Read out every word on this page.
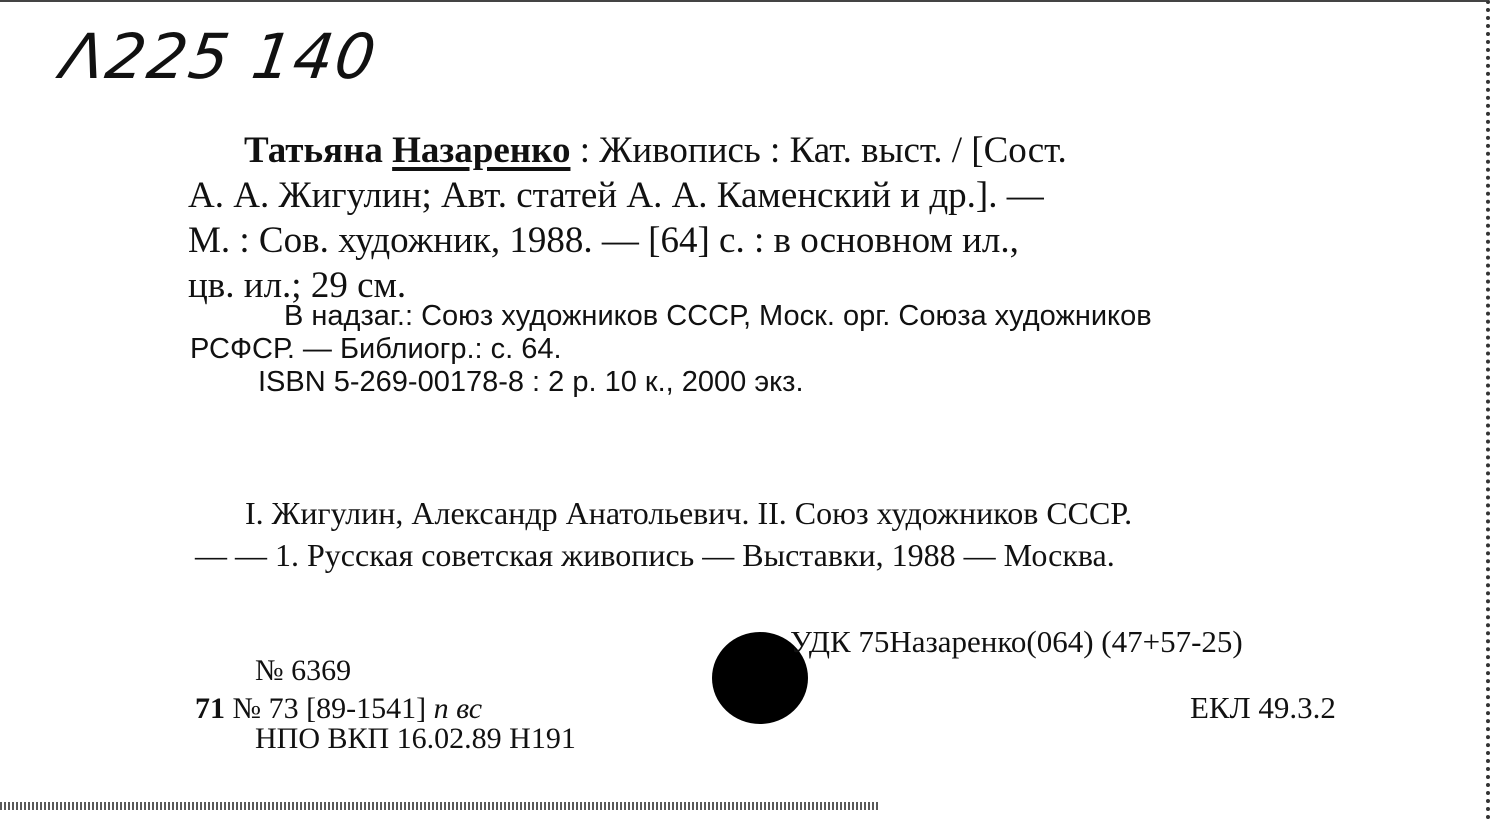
Λ225 140
Татьяна Назаренко : Живопись : Кат. выст. / [Сост.
А. А. Жигулин; Авт. статей А. А. Каменский и др.]. —
М. : Сов. художник, 1988. — [64] с. : в основном ил.,
цв. ил.; 29 см.
В надзаг.: Союз художников СССР, Моск. орг. Союза художников
РСФСР. — Библиогр.: с. 64.
ISBN 5-269-00178-8 : 2 р. 10 к., 2000 экз.
I. Жигулин, Александр Анатольевич. II. Союз художников СССР.
— — 1. Русская советская живопись — Выставки, 1988 — Москва.
УДК 75Назаренко(064) (47+57-25)
ЕКЛ 49.3.2
№ 6369
71 № 73 [89-1541] п вс
НПО ВКП 16.02.89 Н191
